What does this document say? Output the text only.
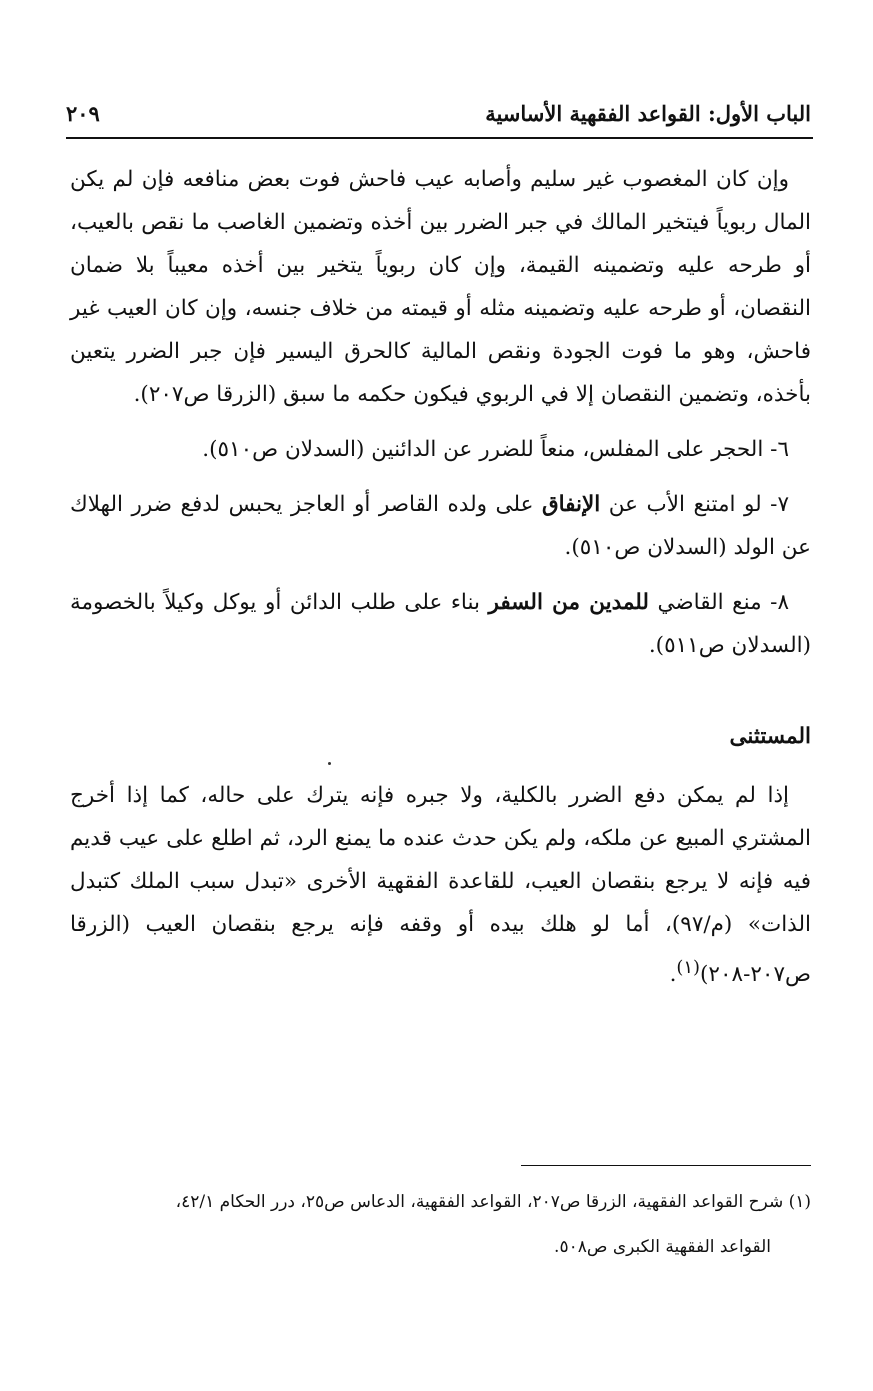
الباب الأول: القواعد الفقهية الأساسية
٢٠٩

وإن كان المغصوب غير سليم وأصابه عيب فاحش فوت بعض منافعه فإن لم يكن المال ربوياً فيتخير المالك في جبر الضرر بين أخذه وتضمين الغاصب ما نقص بالعيب، أو طرحه عليه وتضمينه القيمة، وإن كان ربوياً يتخير بين أخذه معيباً بلا ضمان النقصان، أو طرحه عليه وتضمينه مثله أو قيمته من خلاف جنسه، وإن كان العيب غير فاحش، وهو ما فوت الجودة ونقص المالية كالحرق اليسير فإن جبر الضرر يتعين بأخذه، وتضمين النقصان إلا في الربوي فيكون حكمه ما سبق (الزرقا ص٢٠٧).

٦- الحجر على المفلس، منعاً للضرر عن الدائنين (السدلان ص٥١٠).

٧- لو امتنع الأب عن الإنفاق على ولده القاصر أو العاجز يحبس لدفع ضرر الهلاك عن الولد (السدلان ص٥١٠).

٨- منع القاضي للمدين من السفر بناء على طلب الدائن أو يوكل وكيلاً بالخصومة (السدلان ص٥١١).

المستثنى

إذا لم يمكن دفع الضرر بالكلية، ولا جبره فإنه يترك على حاله، كما إذا أخرج المشتري المبيع عن ملكه، ولم يكن حدث عنده ما يمنع الرد، ثم اطلع على عيب قديم فيه فإنه لا يرجع بنقصان العيب، للقاعدة الفقهية الأخرى «تبدل سبب الملك كتبدل الذات» (م/٩٧)، أما لو هلك بيده أو وقفه فإنه يرجع بنقصان العيب (الزرقا ص٢٠٧-٢٠٨)$^{(١)}$.

(١) شرح القواعد الفقهية، الزرقا ص٢٠٧، القواعد الفقهية، الدعاس ص٢٥، درر الحكام ٤٢/١،

القواعد الفقهية الكبرى ص٥٠٨.
